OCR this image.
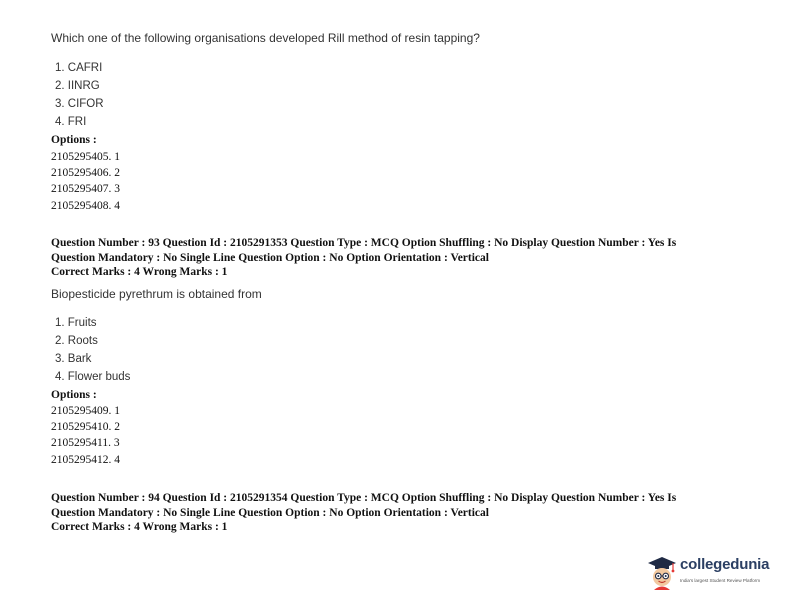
Which one of the following organisations developed Rill method of resin tapping?
1. CAFRI
2. IINRG
3. CIFOR
4. FRI
Options :
2105295405. 1
2105295406. 2
2105295407. 3
2105295408. 4
Question Number : 93 Question Id : 2105291353 Question Type : MCQ Option Shuffling : No Display Question Number : Yes Is
Question Mandatory : No Single Line Question Option : No Option Orientation : Vertical
Correct Marks : 4 Wrong Marks : 1
Biopesticide pyrethrum is obtained from
1. Fruits
2. Roots
3. Bark
4. Flower buds
Options :
2105295409. 1
2105295410. 2
2105295411. 3
2105295412. 4
Question Number : 94 Question Id : 2105291354 Question Type : MCQ Option Shuffling : No Display Question Number : Yes Is
Question Mandatory : No Single Line Question Option : No Option Orientation : Vertical
Correct Marks : 4 Wrong Marks : 1
collegedunia
India's largest Student Review Platform
